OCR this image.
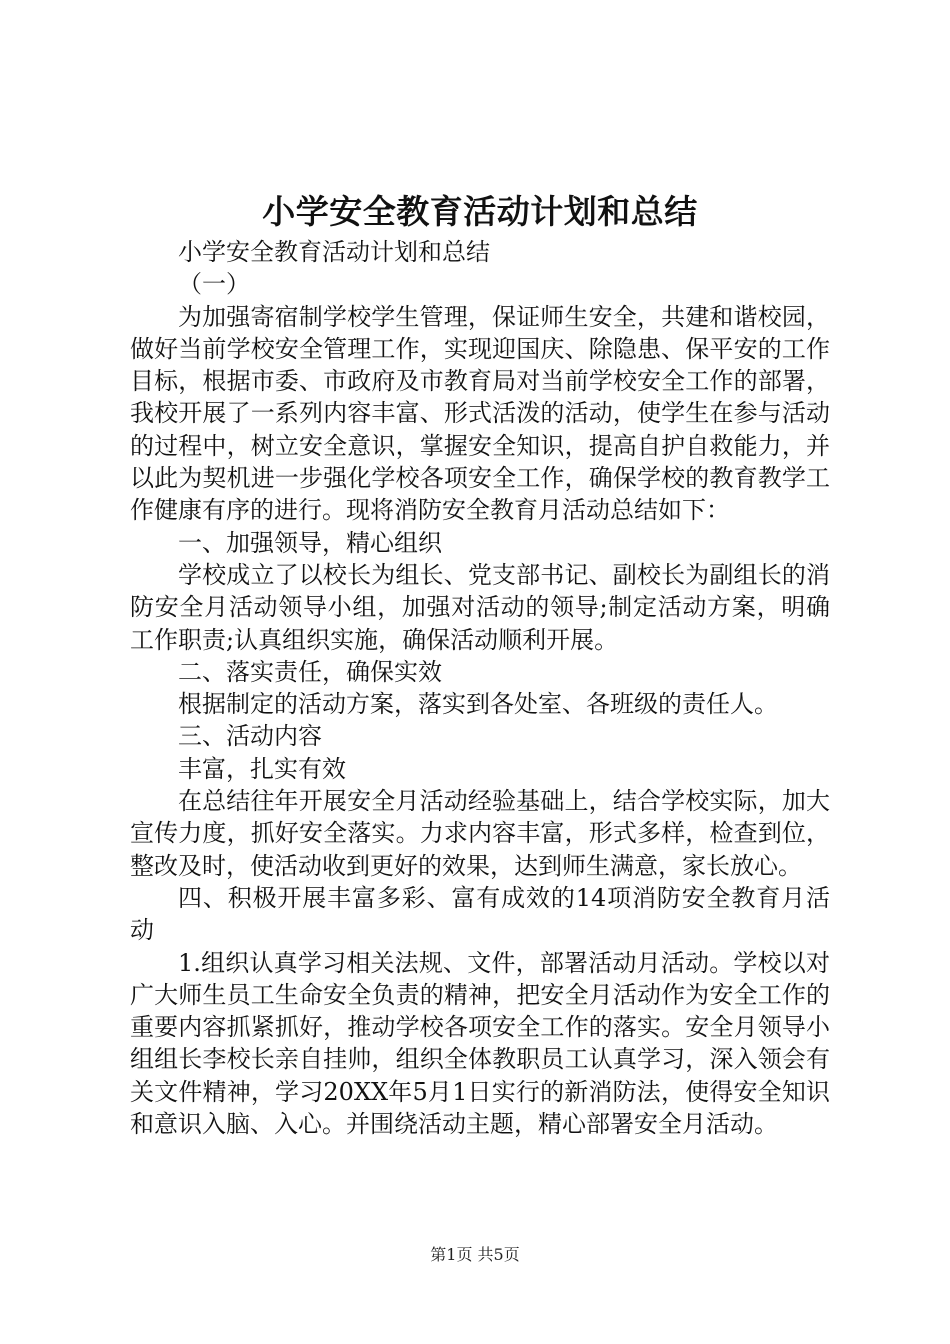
小学安全教育活动计划和总结

小学安全教育活动计划和总结

（一）

为加强寄宿制学校学生管理，保证师生安全，共建和谐校园，做好当前学校安全管理工作，实现迎国庆、除隐患、保平安的工作目标，根据市委、市政府及市教育局对当前学校安全工作的部署，我校开展了一系列内容丰富、形式活泼的活动，使学生在参与活动的过程中，树立安全意识，掌握安全知识，提高自护自救能力，并以此为契机进一步强化学校各项安全工作，确保学校的教育教学工作健康有序的进行。现将消防安全教育月活动总结如下：

一、加强领导，精心组织

学校成立了以校长为组长、党支部书记、副校长为副组长的消防安全月活动领导小组，加强对活动的领导;制定活动方案，明确工作职责;认真组织实施，确保活动顺利开展。

二、落实责任，确保实效

根据制定的活动方案，落实到各处室、各班级的责任人。

三、活动内容

丰富，扎实有效

在总结往年开展安全月活动经验基础上，结合学校实际，加大宣传力度，抓好安全落实。力求内容丰富，形式多样，检查到位，整改及时，使活动收到更好的效果，达到师生满意，家长放心。

四、积极开展丰富多彩、富有成效的14项消防安全教育月活动

1.组织认真学习相关法规、文件，部署活动月活动。学校以对广大师生员工生命安全负责的精神，把安全月活动作为安全工作的重要内容抓紧抓好，推动学校各项安全工作的落实。安全月领导小组组长李校长亲自挂帅，组织全体教职员工认真学习，深入领会有关文件精神，学习20XX年5月1日实行的新消防法，使得安全知识和意识入脑、入心。并围绕活动主题，精心部署安全月活动。

第1页 共5页
